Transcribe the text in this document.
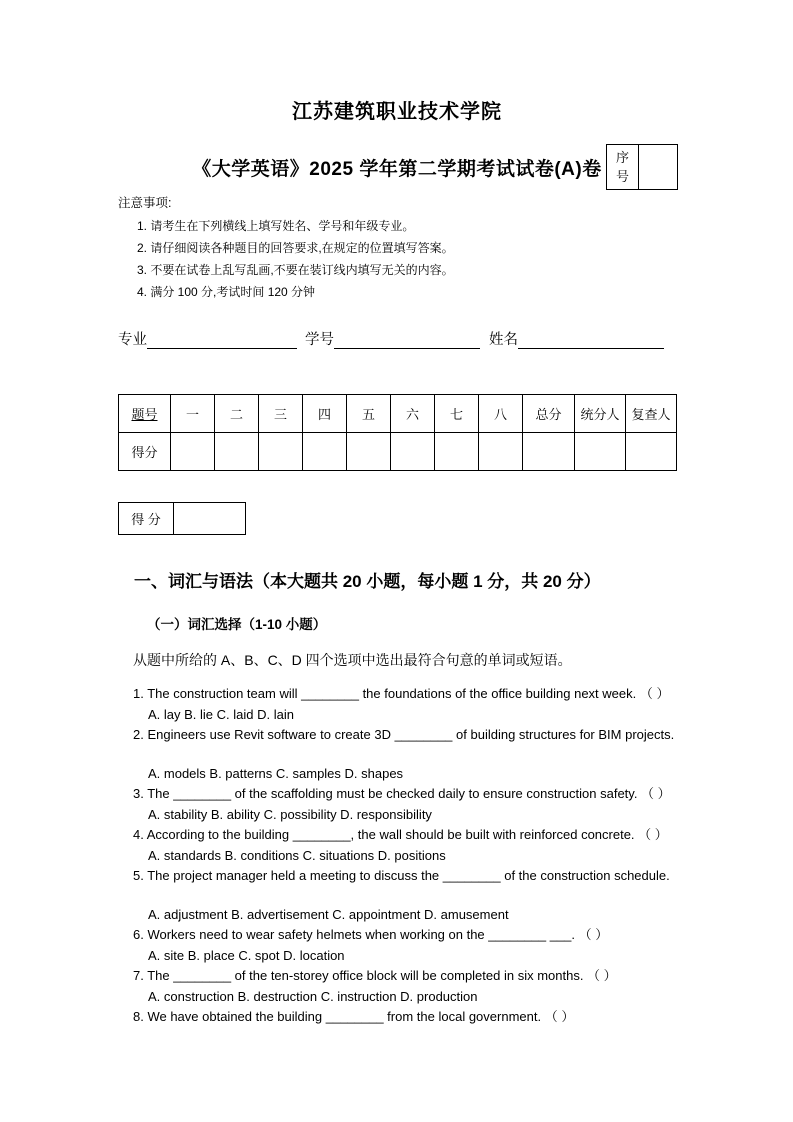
江苏建筑职业技术学院
《大学英语》2025 学年第二学期考试试卷(A)卷
序号
注意事项:
1. 请考生在下列横线上填写姓名、学号和年级专业。
2. 请仔细阅读各种题目的回答要求,在规定的位置填写答案。
3. 不要在试卷上乱写乱画,不要在装订线内填写无关的内容。
4. 满分 100 分,考试时间 120 分钟
专业	学号	姓名
题号	一	二	三	四	五	六	七	八	总分	统分人	复查人
得分											
得 分	
一、词汇与语法（本大题共 20 小题，每小题 1 分，共 20 分）
（一）词汇选择（1-10 小题）
从题中所给的 A、B、C、D 四个选项中选出最符合句意的单词或短语。
1. The construction team will ________ the foundations of the office building next week. （ ）
A. lay B. lie C. laid D. lain
2. Engineers use Revit software to create 3D ________ of building structures for BIM projects.
A. models B. patterns C. samples D. shapes
3. The ________ of the scaffolding must be checked daily to ensure construction safety. （ ）
A. stability B. ability C. possibility D. responsibility
4. According to the building ________, the wall should be built with reinforced concrete. （ ）
A. standards B. conditions C. situations D. positions
5. The project manager held a meeting to discuss the ________ of the construction schedule.
A. adjustment B. advertisement C. appointment D. amusement
6. Workers need to wear safety helmets when working on the ________ ___. （ ）
A. site B. place C. spot D. location
7. The ________ of the ten-storey office block will be completed in six months. （ ）
A. construction B. destruction C. instruction D. production
8. We have obtained the building ________ from the local government. （ ）
